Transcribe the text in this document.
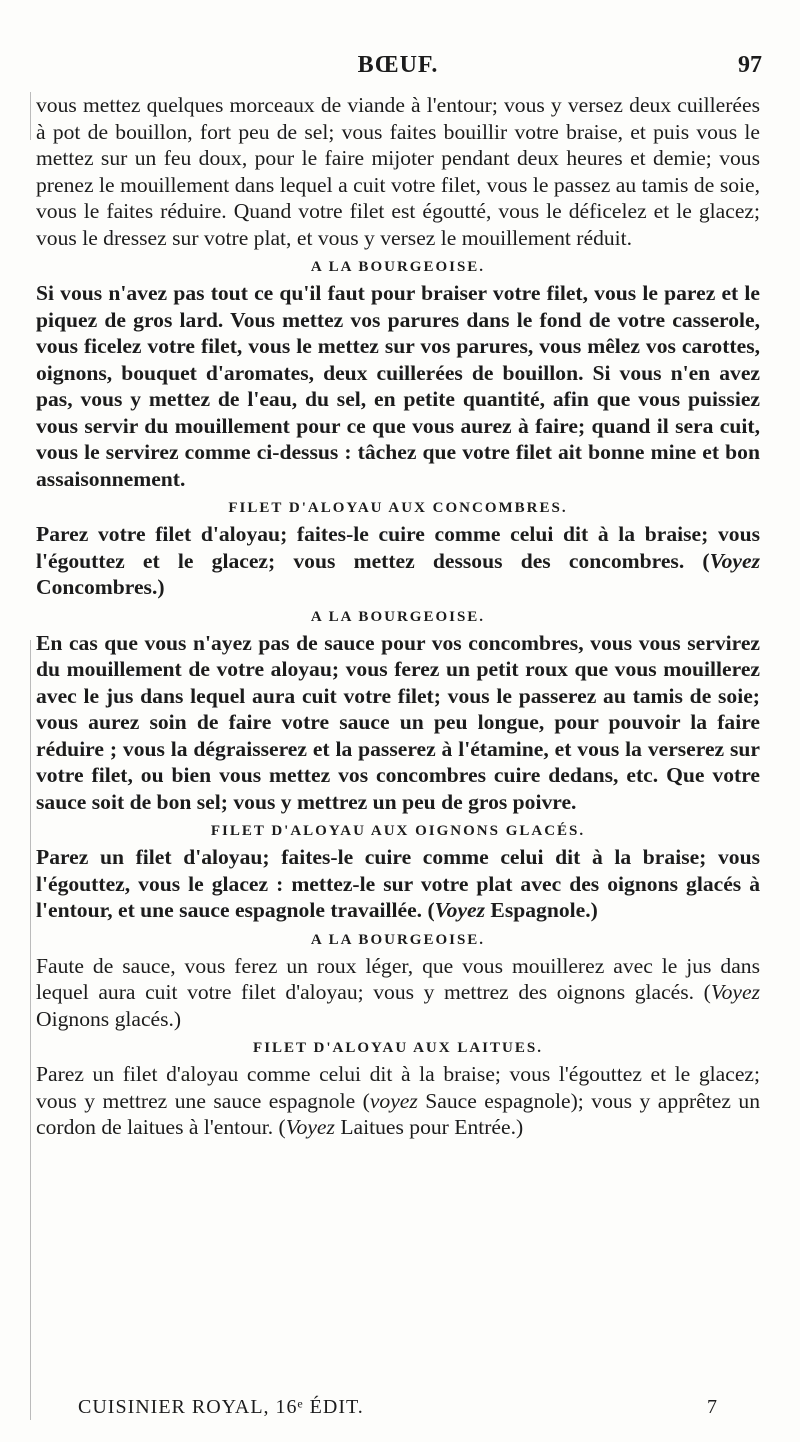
BŒUF.	97

vous mettez quelques morceaux de viande à l'entour; vous y versez deux cuillerées à pot de bouillon, fort peu de sel; vous faites bouillir votre braise, et puis vous le mettez sur un feu doux, pour le faire mijoter pendant deux heures et demie; vous prenez le mouillement dans lequel a cuit votre filet, vous le passez au tamis de soie, vous le faites réduire. Quand votre filet est égoutté, vous le déficelez et le glacez; vous le dressez sur votre plat, et vous y versez le mouillement réduit.

A LA BOURGEOISE.

Si vous n'avez pas tout ce qu'il faut pour braiser votre filet, vous le parez et le piquez de gros lard. Vous mettez vos parures dans le fond de votre casserole, vous ficelez votre filet, vous le mettez sur vos parures, vous mêlez vos carottes, oignons, bouquet d'aromates, deux cuillerées de bouillon. Si vous n'en avez pas, vous y mettez de l'eau, du sel, en petite quantité, afin que vous puissiez vous servir du mouillement pour ce que vous aurez à faire; quand il sera cuit, vous le servirez comme ci-dessus : tâchez que votre filet ait bonne mine et bon assaisonnement.

FILET D'ALOYAU AUX CONCOMBRES.

Parez votre filet d'aloyau; faites-le cuire comme celui dit à la braise; vous l'égouttez et le glacez; vous mettez dessous des concombres. (Voyez Concombres.)

A LA BOURGEOISE.

En cas que vous n'ayez pas de sauce pour vos concombres, vous vous servirez du mouillement de votre aloyau; vous ferez un petit roux que vous mouillerez avec le jus dans lequel aura cuit votre filet; vous le passerez au tamis de soie; vous aurez soin de faire votre sauce un peu longue, pour pouvoir la faire réduire ; vous la dégraisserez et la passerez à l'étamine, et vous la verserez sur votre filet, ou bien vous mettez vos concombres cuire dedans, etc. Que votre sauce soit de bon sel; vous y mettrez un peu de gros poivre.

FILET D'ALOYAU AUX OIGNONS GLACÉS.

Parez un filet d'aloyau; faites-le cuire comme celui dit à la braise; vous l'égouttez, vous le glacez : mettez-le sur votre plat avec des oignons glacés à l'entour, et une sauce espagnole travaillée. (Voyez Espagnole.)

A LA BOURGEOISE.

Faute de sauce, vous ferez un roux léger, que vous mouillerez avec le jus dans lequel aura cuit votre filet d'aloyau; vous y mettrez des oignons glacés. (Voyez Oignons glacés.)

FILET D'ALOYAU AUX LAITUES.

Parez un filet d'aloyau comme celui dit à la braise; vous l'égouttez et le glacez; vous y mettrez une sauce espagnole (voyez Sauce espagnole); vous y apprêtez un cordon de laitues à l'entour. (Voyez Laitues pour Entrée.)

CUISINIER ROYAL, 16ᵉ ÉDIT.	7
